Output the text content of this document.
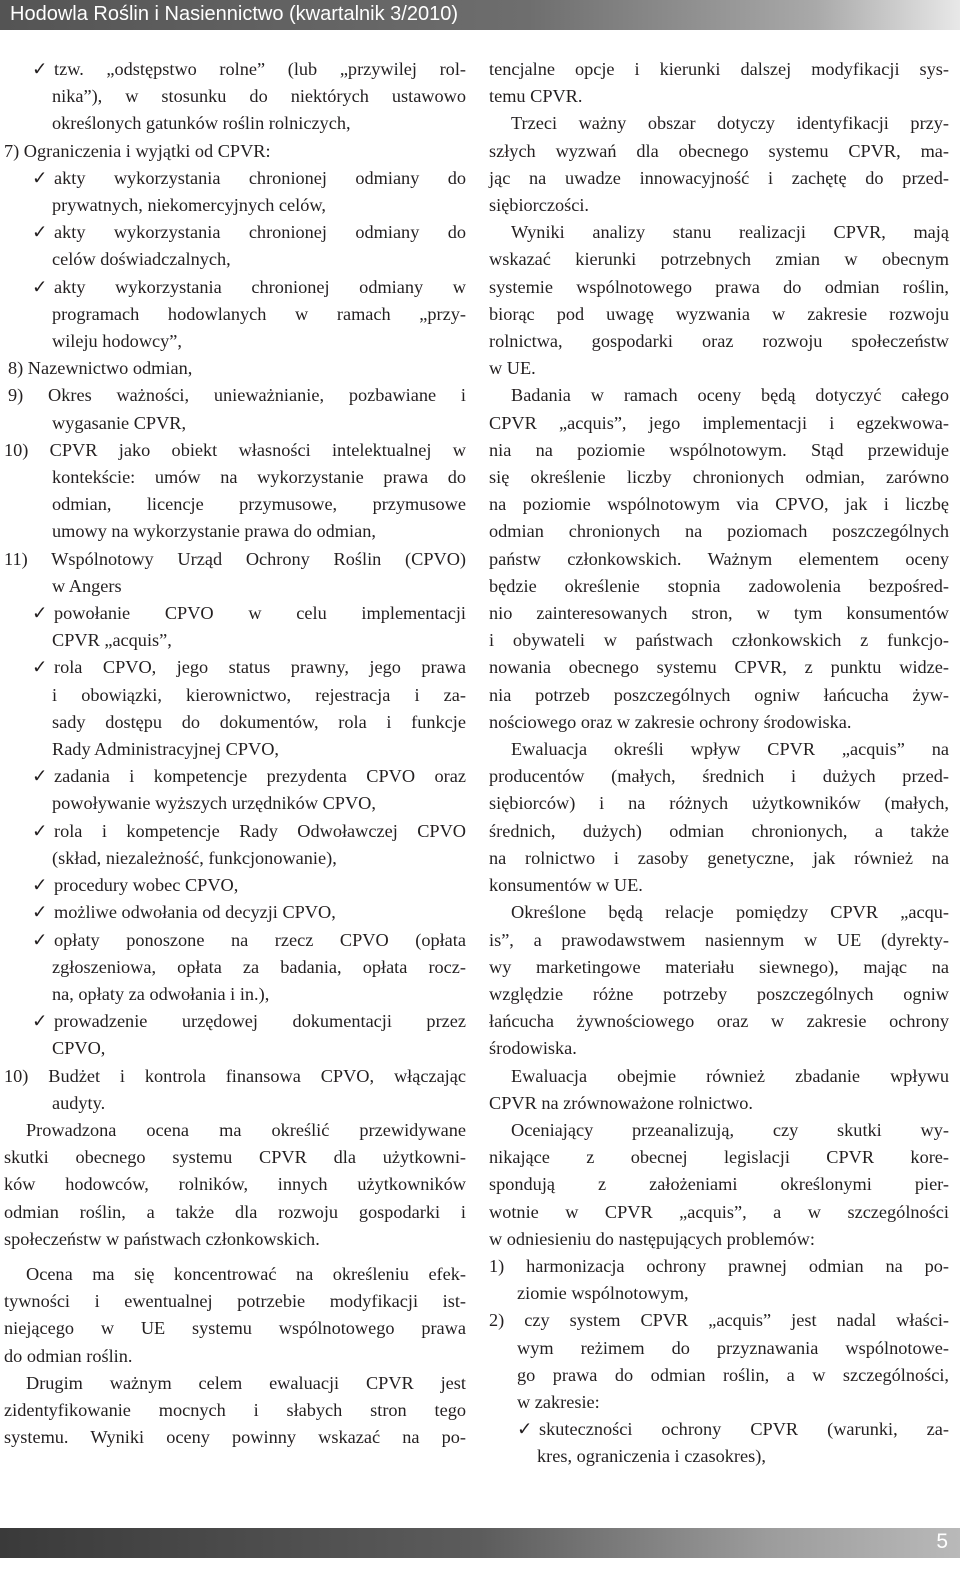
Hodowla Roślin i Nasiennictwo (kwartalnik 3/2010)
✓ tzw. „odstępstwo rolne” (lub „przywilej rol-
nika”), w stosunku do niektórych ustawowo
określonych gatunków roślin rolniczych,
7) Ograniczenia i wyjątki od CPVR:
✓ akty wykorzystania chronionej odmiany do
prywatnych, niekomercyjnych celów,
✓ akty wykorzystania chronionej odmiany do
celów doświadczalnych,
✓ akty wykorzystania chronionej odmiany w
programach hodowlanych w ramach „przy-
wileju hodowcy”,
8) Nazewnictwo odmian,
9) Okres ważności, unieważnianie, pozbawiane i
wygasanie CPVR,
10) CPVR jako obiekt własności intelektualnej w
kontekście: umów na wykorzystanie prawa do
odmian, licencje przymusowe, przymusowe
umowy na wykorzystanie prawa do odmian,
11) Wspólnotowy Urząd Ochrony Roślin (CPVO)
w Angers
✓ powołanie CPVO w celu implementacji
CPVR „acquis”,
✓ rola CPVO, jego status prawny, jego prawa
i obowiązki, kierownictwo, rejestracja i za-
sady dostępu do dokumentów, rola i funkcje
Rady Administracyjnej CPVO,
✓ zadania i kompetencje prezydenta CPVO oraz
powoływanie wyższych urzędników CPVO,
✓ rola i kompetencje Rady Odwoławczej CPVO
(skład, niezależność, funkcjonowanie),
✓ procedury wobec CPVO,
✓ możliwe odwołania od decyzji CPVO,
✓ opłaty ponoszone na rzecz CPVO (opłata
zgłoszeniowa, opłata za badania, opłata rocz-
na, opłaty za odwołania i in.),
✓ prowadzenie urzędowej dokumentacji przez
CPVO,
10) Budżet i kontrola finansowa CPVO, włączając
audyty.
Prowadzona ocena ma określić przewidywane
skutki obecnego systemu CPVR dla użytkowni-
ków hodowców, rolników, innych użytkowników
odmian roślin, a także dla rozwoju gospodarki i
społeczeństw w państwach członkowskich.
Ocena ma się koncentrować na określeniu efek-
tywności i ewentualnej potrzebie modyfikacji ist-
niejącego w UE systemu wspólnotowego prawa
do odmian roślin.
Drugim ważnym celem ewaluacji CPVR jest
zidentyfikowanie mocnych i słabych stron tego
systemu. Wyniki oceny powinny wskazać na po-
tencjalne opcje i kierunki dalszej modyfikacji sys-
temu CPVR.
Trzeci ważny obszar dotyczy identyfikacji przy-
szłych wyzwań dla obecnego systemu CPVR, ma-
jąc na uwadze innowacyjność i zachętę do przed-
siębiorczości.
Wyniki analizy stanu realizacji CPVR, mają
wskazać kierunki potrzebnych zmian w obecnym
systemie wspólnotowego prawa do odmian roślin,
biorąc pod uwagę wyzwania w zakresie rozwoju
rolnictwa, gospodarki oraz rozwoju społeczeństw
w UE.
Badania w ramach oceny będą dotyczyć całego
CPVR „acquis”, jego implementacji i egzekwowa-
nia na poziomie wspólnotowym. Stąd przewiduje
się określenie liczby chronionych odmian, zarówno
na poziomie wspólnotowym via CPVO, jak i liczbę
odmian chronionych na poziomach poszczególnych
państw członkowskich. Ważnym elementem oceny
będzie określenie stopnia zadowolenia bezpośred-
nio zainteresowanych stron, w tym konsumentów
i obywateli w państwach członkowskich z funkcjo-
nowania obecnego systemu CPVR, z punktu widze-
nia potrzeb poszczególnych ogniw łańcucha żyw-
nościowego oraz w zakresie ochrony środowiska.
Ewaluacja określi wpływ CPVR „acquis” na
producentów (małych, średnich i dużych przed-
siębiorców) i na różnych użytkowników (małych,
średnich, dużych) odmian chronionych, a także
na rolnictwo i zasoby genetyczne, jak również na
konsumentów w UE.
Określone będą relacje pomiędzy CPVR „acqu-
is”, a prawodawstwem nasiennym w UE (dyrekty-
wy marketingowe materiału siewnego), mając na
względzie różne potrzeby poszczególnych ogniw
łańcucha żywnościowego oraz w zakresie ochrony
środowiska.
Ewaluacja obejmie również zbadanie wpływu
CPVR na zrównoważone rolnictwo.
Oceniający przeanalizują, czy skutki wy-
nikające z obecnej legislacji CPVR kore-
spondują z założeniami określonymi pier-
wotnie w CPVR „acquis”, a w szczególności
w odniesieniu do następujących problemów:
1) harmonizacja ochrony prawnej odmian na po-
ziomie wspólnotowym,
2) czy system CPVR „acquis” jest nadal właści-
wym reżimem do przyznawania wspólnotowe-
go prawa do odmian roślin, a w szczególności,
w zakresie:
✓ skuteczności ochrony CPVR (warunki, za-
kres, ograniczenia i czasokres),
5
